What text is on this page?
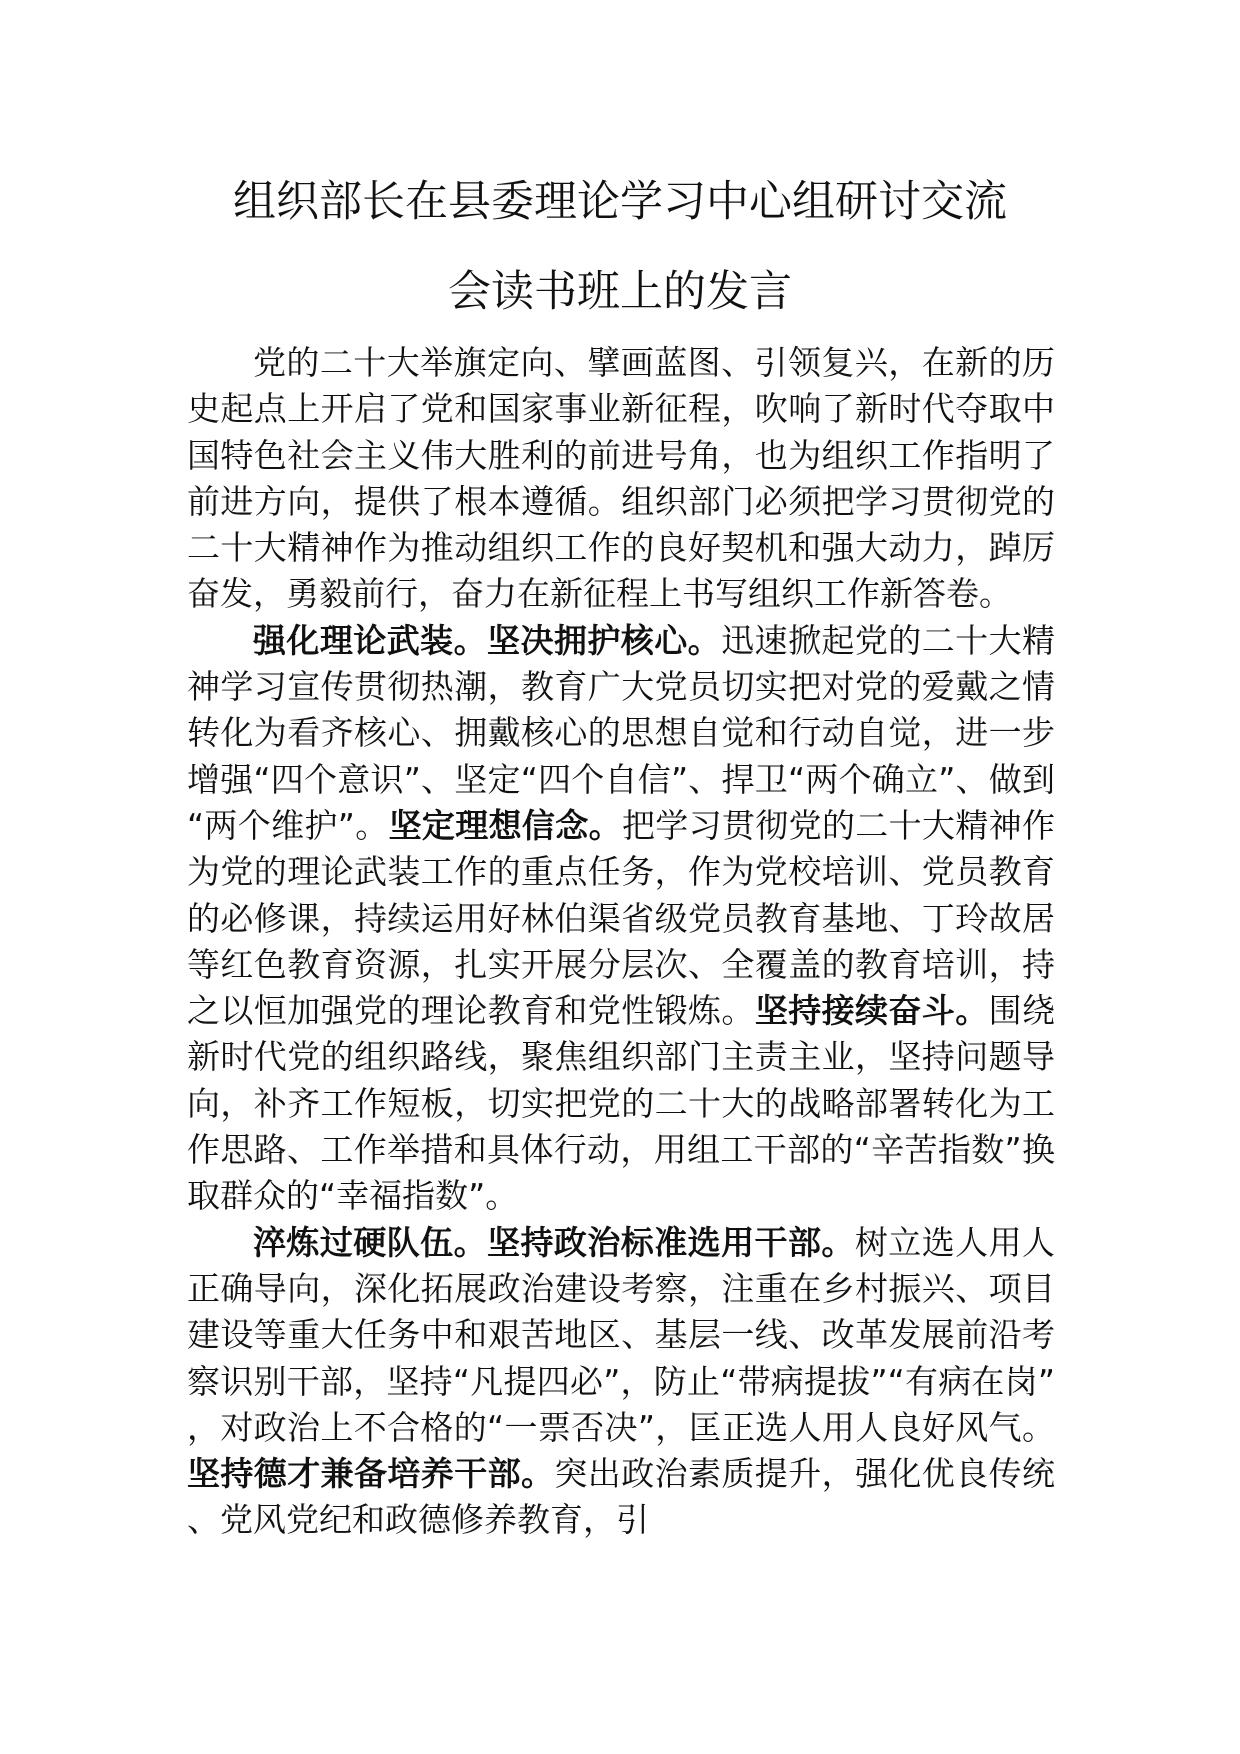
组织部长在县委理论学习中心组研讨交流
会读书班上的发言

党的二十大举旗定向、擘画蓝图、引领复兴，在新的历史起点上开启了党和国家事业新征程，吹响了新时代夺取中国特色社会主义伟大胜利的前进号角，也为组织工作指明了前进方向，提供了根本遵循。组织部门必须把学习贯彻党的二十大精神作为推动组织工作的良好契机和强大动力，踔厉奋发，勇毅前行，奋力在新征程上书写组织工作新答卷。

强化理论武装。坚决拥护核心。迅速掀起党的二十大精神学习宣传贯彻热潮，教育广大党员切实把对党的爱戴之情转化为看齐核心、拥戴核心的思想自觉和行动自觉，进一步增强“四个意识”、坚定“四个自信”、捍卫“两个确立”、做到“两个维护”。坚定理想信念。把学习贯彻党的二十大精神作为党的理论武装工作的重点任务，作为党校培训、党员教育的必修课，持续运用好林伯渠省级党员教育基地、丁玲故居等红色教育资源，扎实开展分层次、全覆盖的教育培训，持之以恒加强党的理论教育和党性锻炼。坚持接续奋斗。围绕新时代党的组织路线，聚焦组织部门主责主业，坚持问题导向，补齐工作短板，切实把党的二十大的战略部署转化为工作思路、工作举措和具体行动，用组工干部的“辛苦指数”换取群众的“幸福指数”。

淬炼过硬队伍。坚持政治标准选用干部。树立选人用人正确导向，深化拓展政治建设考察，注重在乡村振兴、项目建设等重大任务中和艰苦地区、基层一线、改革发展前沿考察识别干部，坚持“凡提四必”，防止“带病提拔”“有病在岗”，对政治上不合格的“一票否决”，匡正选人用人良好风气。坚持德才兼备培养干部。突出政治素质提升，强化优良传统、党风党纪和政德修养教育，引
